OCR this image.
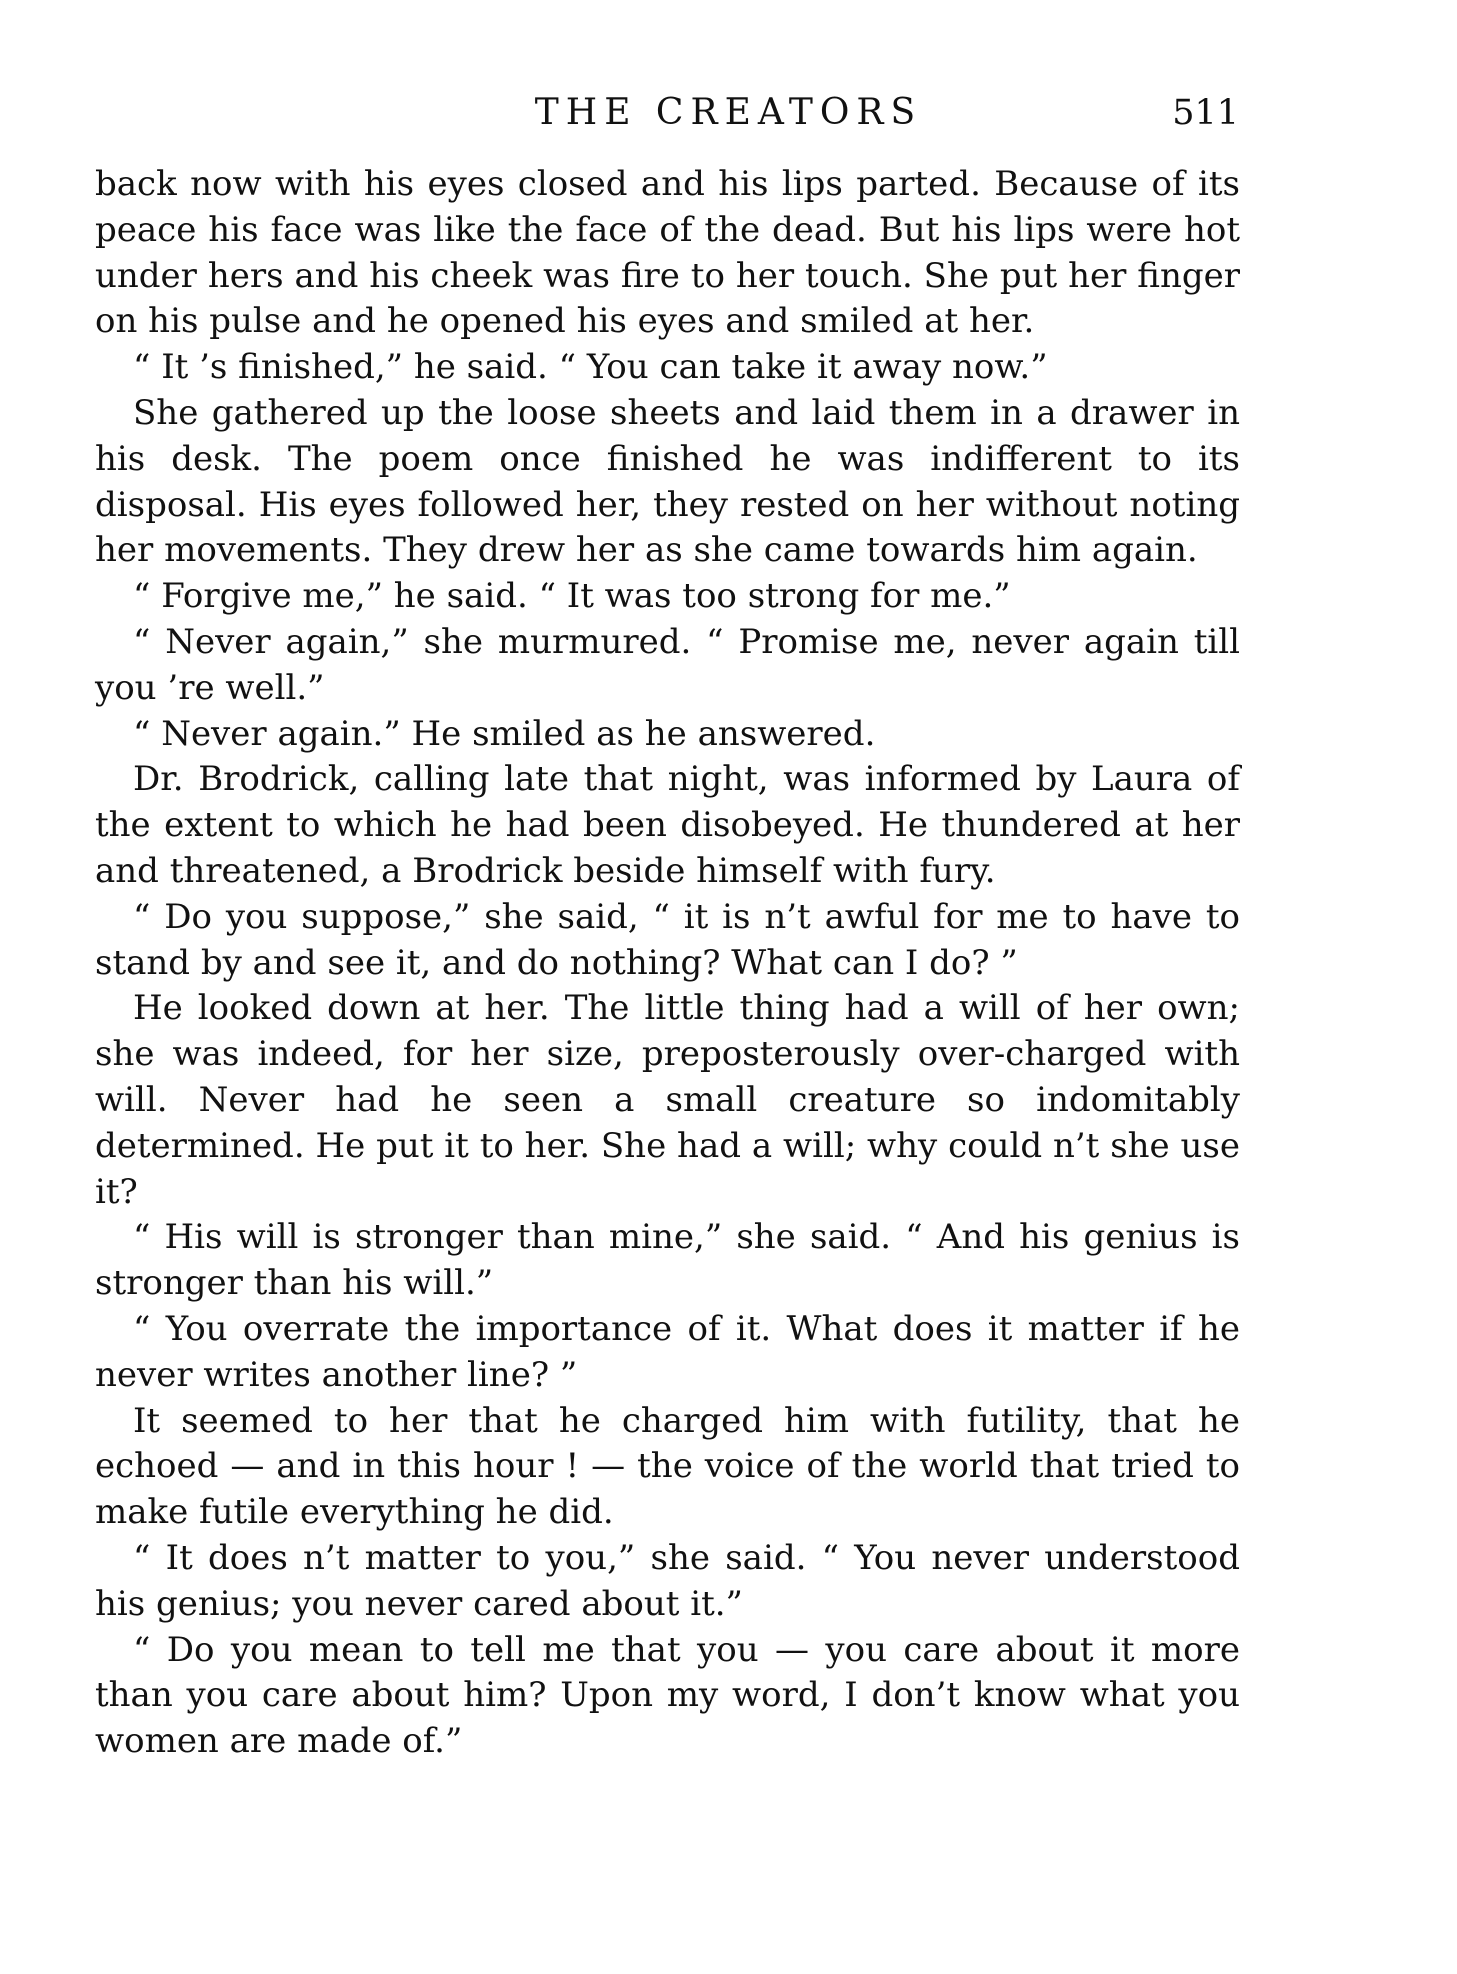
THE CREATORS	511

back now with his eyes closed and his lips parted. Because of its peace his face was like the face of the dead. But his lips were hot under hers and his cheek was fire to her touch. She put her finger on his pulse and he opened his eyes and smiled at her.

“ It ’s finished,” he said. “ You can take it away now.”

She gathered up the loose sheets and laid them in a drawer in his desk. The poem once finished he was indifferent to its disposal. His eyes followed her, they rested on her without noting her movements. They drew her as she came towards him again.

“ Forgive me,” he said. “ It was too strong for me.”

“ Never again,” she murmured. “ Promise me, never again till you ’re well.”

“ Never again.” He smiled as he answered.

Dr. Brodrick, calling late that night, was informed by Laura of the extent to which he had been disobeyed. He thundered at her and threatened, a Brodrick beside himself with fury.

“ Do you suppose,” she said, “ it is n’t awful for me to have to stand by and see it, and do nothing? What can I do? ”

He looked down at her. The little thing had a will of her own; she was indeed, for her size, preposterously over-charged with will. Never had he seen a small creature so indomitably determined. He put it to her. She had a will; why could n’t she use it?

“ His will is stronger than mine,” she said. “ And his genius is stronger than his will.”

“ You overrate the importance of it. What does it matter if he never writes another line? ”

It seemed to her that he charged him with futility, that he echoed — and in this hour ! — the voice of the world that tried to make futile everything he did.

“ It does n’t matter to you,” she said. “ You never understood his genius; you never cared about it.”

“ Do you mean to tell me that you — you care about it more than you care about him? Upon my word, I don’t know what you women are made of.”
